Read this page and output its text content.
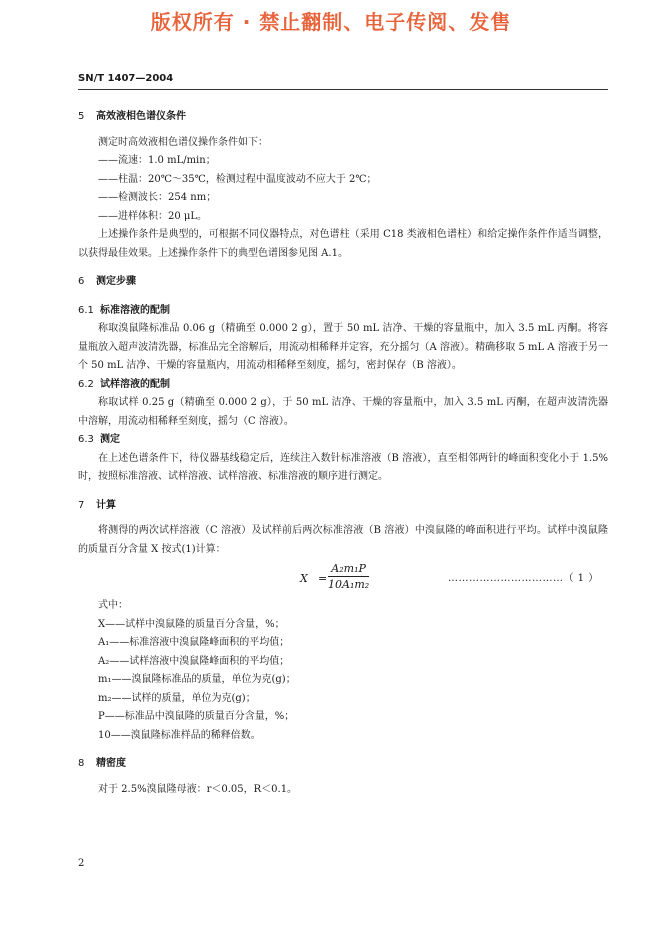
版权所有 · 禁止翻制、电子传阅、发售
SN/T 1407—2004
5 高效液相色谱仪条件

测定时高效液相色谱仪操作条件如下：

——流速：1.0 mL/min；

——柱温：20℃～35℃，检测过程中温度波动不应大于 2℃；

——检测波长：254 nm；

——进样体积：20 μL。

上述操作条件是典型的，可根据不同仪器特点，对色谱柱（采用 C18 类液相色谱柱）和给定操作条件作适当调整，以获得最佳效果。上述操作条件下的典型色谱图参见图 A.1。

6 测定步骤
6.1 标准溶液的配制

称取溴鼠隆标准品 0.06 g（精确至 0.000 2 g），置于 50 mL 洁净、干燥的容量瓶中，加入 3.5 mL 丙酮。将容量瓶放入超声波清洗器，标准品完全溶解后，用流动相稀释并定容，充分摇匀（A 溶液）。精确移取 5 mL A 溶液于另一个 50 mL 洁净、干燥的容量瓶内，用流动相稀释至刻度，摇匀，密封保存（B 溶液）。

6.2 试样溶液的配制

称取试样 0.25 g（精确至 0.000 2 g），于 50 mL 洁净、干燥的容量瓶中，加入 3.5 mL 丙酮，在超声波清洗器中溶解，用流动相稀释至刻度，摇匀（C 溶液）。

6.3 测定

在上述色谱条件下，待仪器基线稳定后，连续注入数针标准溶液（B 溶液），直至相邻两针的峰面积变化小于 1.5%时，按照标准溶液、试样溶液、试样溶液、标准溶液的顺序进行测定。

7 计算

将测得的两次试样溶液（C 溶液）及试样前后两次标准溶液（B 溶液）中溴鼠隆的峰面积进行平均。试样中溴鼠隆的质量百分含量 X 按式(1)计算：

$X = \frac{\text{A₂m₁P}}{\text{10A₁m₂}}$	……………………………（ 1 ）

式中：

X——试样中溴鼠隆的质量百分含量，%；

A₁——标准溶液中溴鼠隆峰面积的平均值；

A₂——试样溶液中溴鼠隆峰面积的平均值；

m₁——溴鼠隆标准品的质量，单位为克(g)；

m₂——试样的质量，单位为克(g)；

P——标准品中溴鼠隆的质量百分含量，%；

10——溴鼠隆标准样品的稀释倍数。

8 精密度

对于 2.5%溴鼠隆母液：r＜0.05，R＜0.1。

2
